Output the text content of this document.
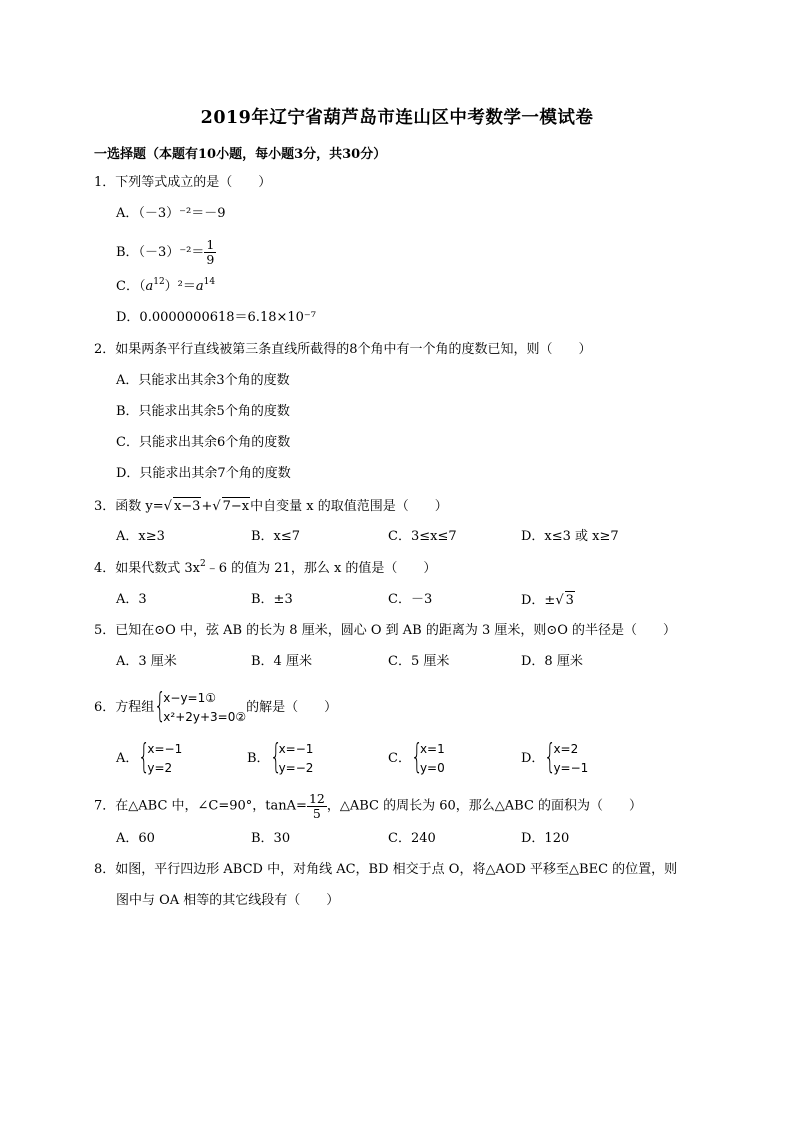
2019年辽宁省葫芦岛市连山区中考数学一模试卷
一选择题（本题有10小题，每小题3分，共30分）
1．下列等式成立的是（　　）
A．（－3）⁻²＝－9
B．$(-3)^{-2}= \frac{1}{9}$
C．$(a^{12})^2=a^{14}$
D．0.0000000618＝6.18×10⁻⁷
2．如果两条平行直线被第三条直线所截得的8个角中有一个角的度数已知，则（　　）
A．只能求出其余3个角的度数
B．只能求出其余5个角的度数
C．只能求出其余6个角的度数
D．只能求出其余7个角的度数
3．函数 y=√ x−3+√ 7−x中自变量 x 的取值范围是（　　）
A．x≥3	B．x≤7	C．3≤x≤7	D．x≤3 或 x≥7
4．如果代数式 $3x^2﹣6$ 的值为 21，那么 x 的值是（　　）
A．3	B．±3	C．－3	D．±√ 3
5．已知在⊙O 中，弦 AB 的长为 8 厘米，圆心 O 到 AB 的距离为 3 厘米，则⊙O 的半径是（　　）
A．3 厘米	B．4 厘米	C．5 厘米	D．8 厘米
6．方程组 {
x−y=1①
x²+2y+3=0②
的解是（　　）
A． {
x=−1
y=2
B． {
x=−1
y=−2
C． {
x=1
y=0
D． {
x=2
y=−1
7．在△ABC 中，∠C=90°，$\tan A= \frac{12}{5}$ ，△ABC 的周长为 60，那么△ABC 的面积为（　　）
A．60	B．30	C．240	D．120
8．如图，平行四边形 ABCD 中，对角线 AC，BD 相交于点 O，将△AOD 平移至△BEC 的位置，则
图中与 OA 相等的其它线段有（　　）
